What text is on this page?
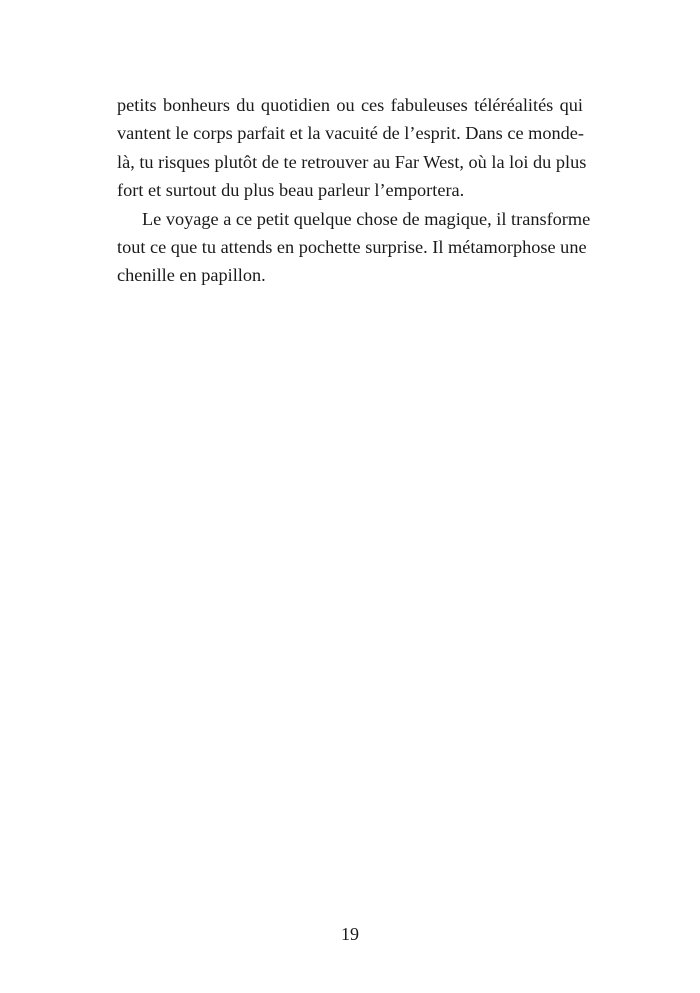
petits bonheurs du quotidien ou ces fabuleuses téléréalités qui
vantent le corps parfait et la vacuité de l’esprit. Dans ce monde-
là, tu risques plutôt de te retrouver au Far West, où la loi du plus
fort et surtout du plus beau parleur l’emportera.
Le voyage a ce petit quelque chose de magique, il transforme
tout ce que tu attends en pochette surprise. Il métamorphose une
chenille en papillon.
19
